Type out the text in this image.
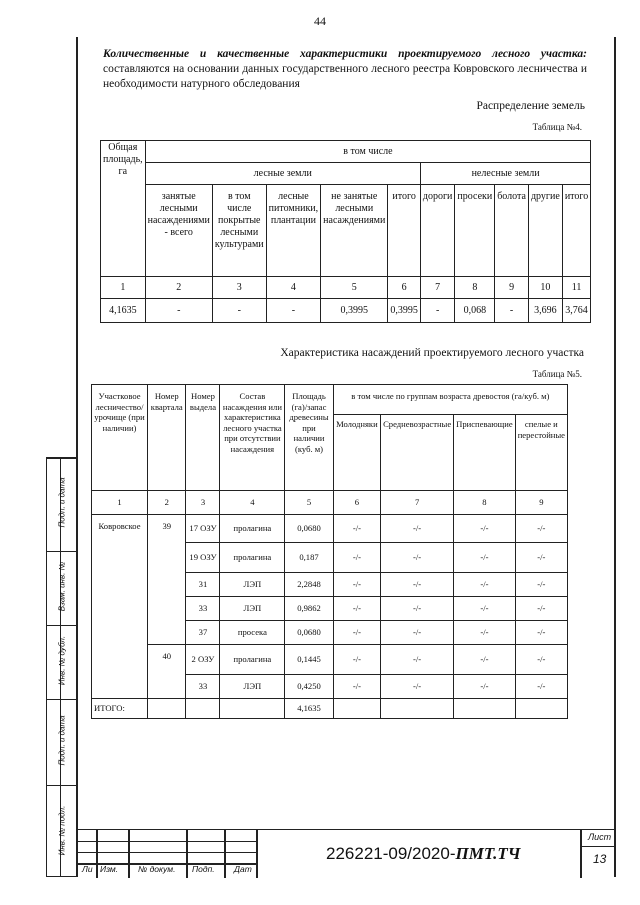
44
Подп. и дата
Взам. инв. №
Инв. № дубл.
Подп. и дата
Инв. № подл.
Количественные и качественные характеристики проектируемого лесного участка: составляются на основании данных государственного лесного реестра Ковровского лесничества и необходимости натурного обследования
Распределение земель
Таблица №4.
Общая площадь, га	в том числе									
	лесные земли					нелесные земли				
	занятые лесными насаждениями - всего	в том числе покрытые лесными культурами	лесные питомники, плантации	не занятые лесными насаждениями	итого	дороги	просеки	болота	другие	итого
1	2	3	4	5	6	7	8	9	10	11
4,1635	-	-	-	0,3995	0,3995	-	0,068	-	3,696	3,764
Характеристика насаждений проектируемого лесного участка
Таблица №5.
Участковое лесничество/урочище (при наличии)	Номер квартала	Номер выдела	Состав насаждения или характеристика лесного участка при отсутствии насаждения	Площадь (га)/запас древесины при наличии (куб. м)	в том числе по группам возраста древостоя (га/куб. м)			
					Молодняки	Средневозрастные	Приспевающие	спелые и перестойные
1	2	3	4	5	6	7	8	9
Ковровское	39	17 ОЗУ	пролагина	0,0680	-/-	-/-	-/-	-/-
		19 ОЗУ	пролагина	0,187	-/-	-/-	-/-	-/-
		31	ЛЭП	2,2848	-/-	-/-	-/-	-/-
		33	ЛЭП	0,9862	-/-	-/-	-/-	-/-
		37	просека	0,0680	-/-	-/-	-/-	-/-
	40	2 ОЗУ	пролагина	0,1445	-/-	-/-	-/-	-/-
		33	ЛЭП	0,4250	-/-	-/-	-/-	-/-
ИТОГО:				4,1635				
Ли Изм. № докум. Подп. Дат
226221-09/2020-ПМТ.ТЧ
Лист
13
